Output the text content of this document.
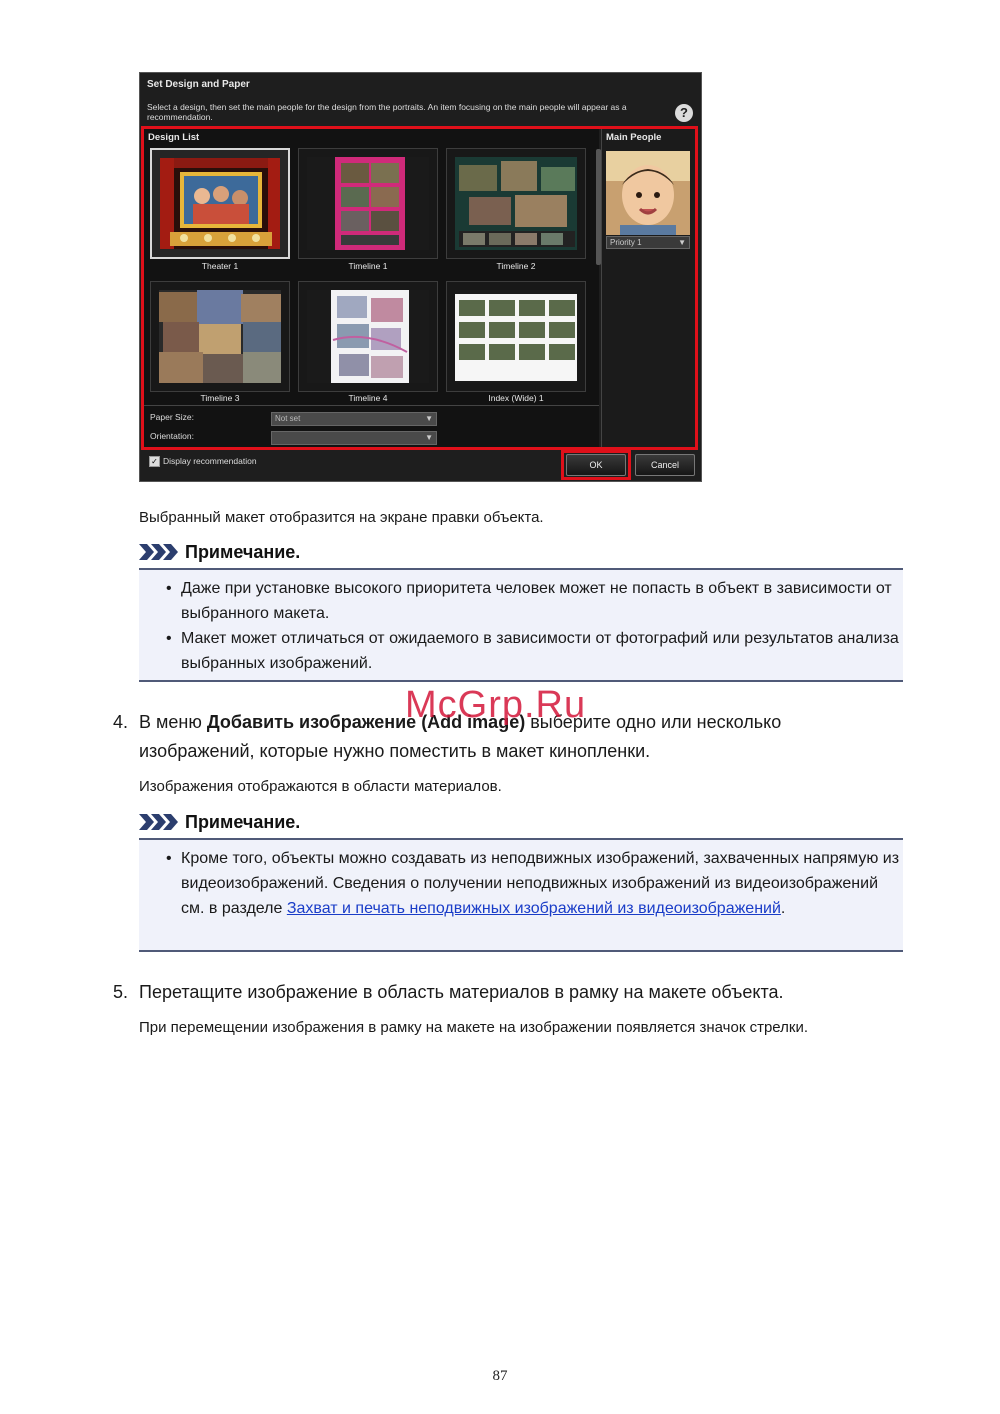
Set Design and Paper
Select a design, then set the main people for the design from the portraits. An item focusing on the main people will appear as a recommendation.	?
Design List
Theater 1	Timeline 1	Timeline 2
Timeline 3	Timeline 4	Index (Wide) 1
Paper Size:	Not set	▼
Orientation:	▼
Main People
Priority 1	▼
✓ Display recommendation	OK	Cancel
Выбранный макет отобразится на экране правки объекта.
Примечание.
• Даже при установке высокого приоритета человек может не попасть в объект в зависимости от выбранного макета.
• Макет может отличаться от ожидаемого в зависимости от фотографий или результатов анализа выбранных изображений.
4. В меню Добавить изображение (Add image) выберите одно или несколько изображений, которые нужно поместить в макет кинопленки.
Изображения отображаются в области материалов.
Примечание.
• Кроме того, объекты можно создавать из неподвижных изображений, захваченных напрямую из видеоизображений. Сведения о получении неподвижных изображений из видеоизображений см. в разделе Захват и печать неподвижных изображений из видеоизображений.
5. Перетащите изображение в область материалов в рамку на макете объекта.
При перемещении изображения в рамку на макете на изображении появляется значок стрелки.
McGrp.Ru
87
